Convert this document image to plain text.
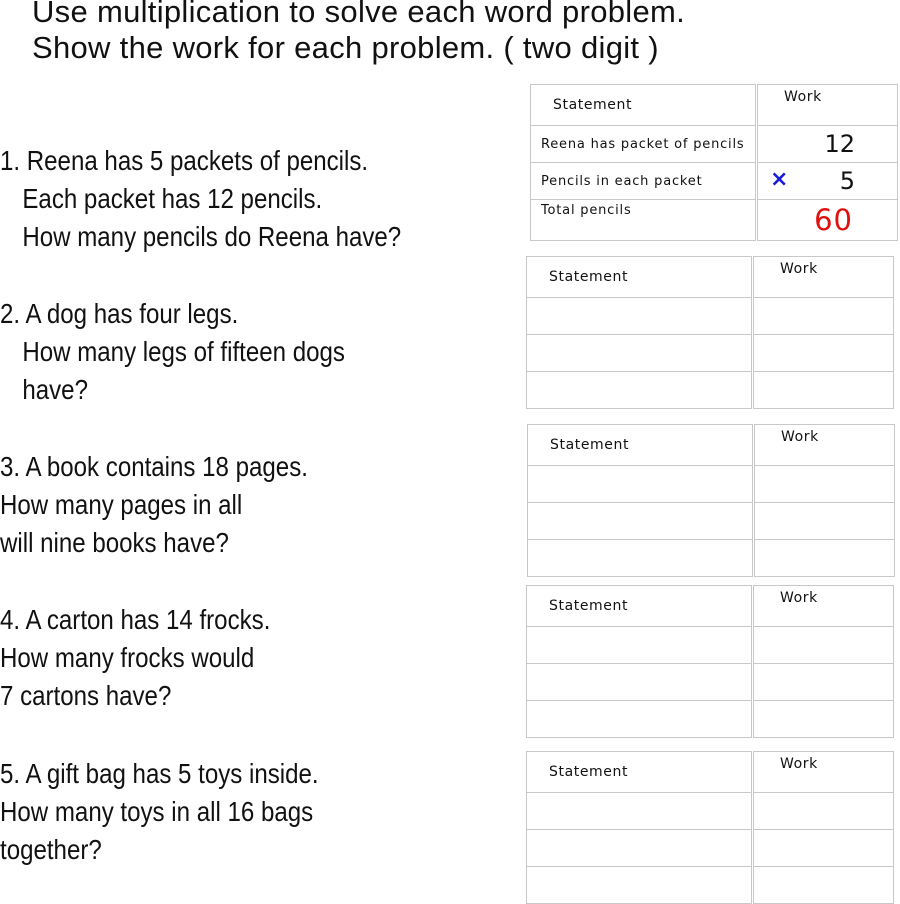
Use multiplication to solve each word problem.
Show the work for each problem. ( two digit )
1. Reena has 5 packets of pencils.
Each packet has 12 pencils.
How many pencils do Reena have?
2. A dog has four legs.
How many legs of fifteen dogs
have?
3. A book contains 18 pages.
How many pages in all
will nine books have?
4. A carton has 14 frocks.
How many frocks would
7 cartons have?
5. A gift bag has 5 toys inside.
How many toys in all 16 bags
together?
Statement	Work
Reena has packet of pencils	12
Pencils in each packet	× 5
Total pencils	60
Statement	Work

Statement	Work

Statement	Work

Statement	Work
